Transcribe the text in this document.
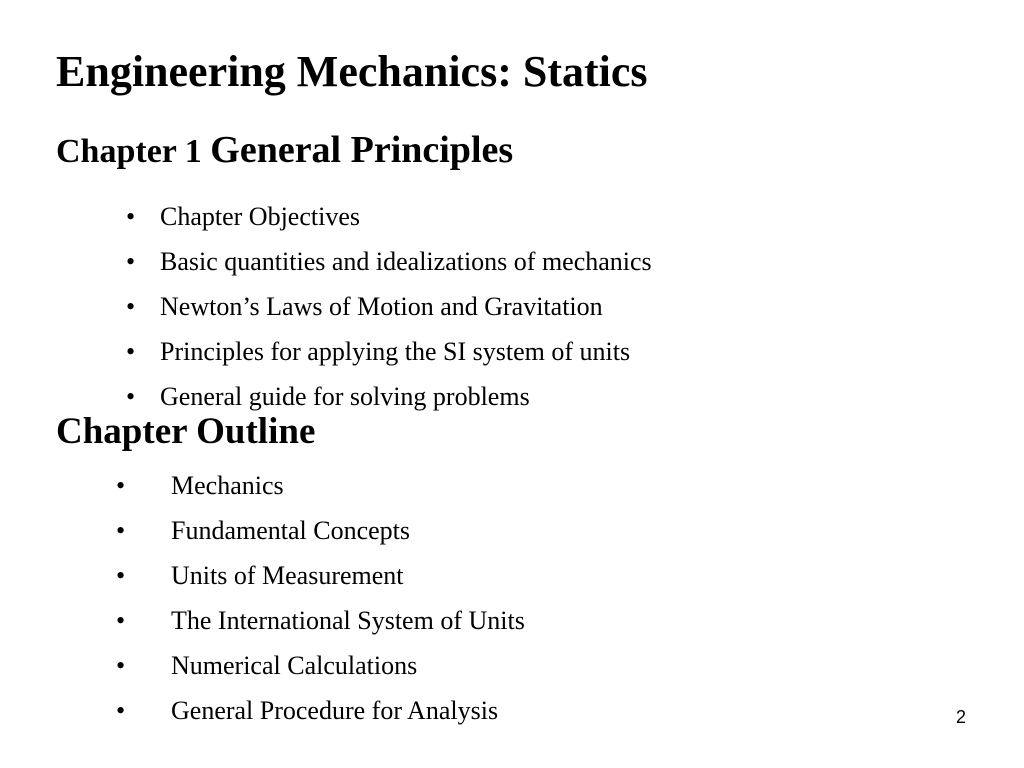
Engineering Mechanics: Statics
Chapter 1 General Principles
• Chapter Objectives
• Basic quantities and idealizations of mechanics
• Newton’s Laws of Motion and Gravitation
• Principles for applying the SI system of units
• General guide for solving problems
Chapter Outline
• Mechanics
• Fundamental Concepts
• Units of Measurement
• The International System of Units
• Numerical Calculations
• General Procedure for Analysis	2
